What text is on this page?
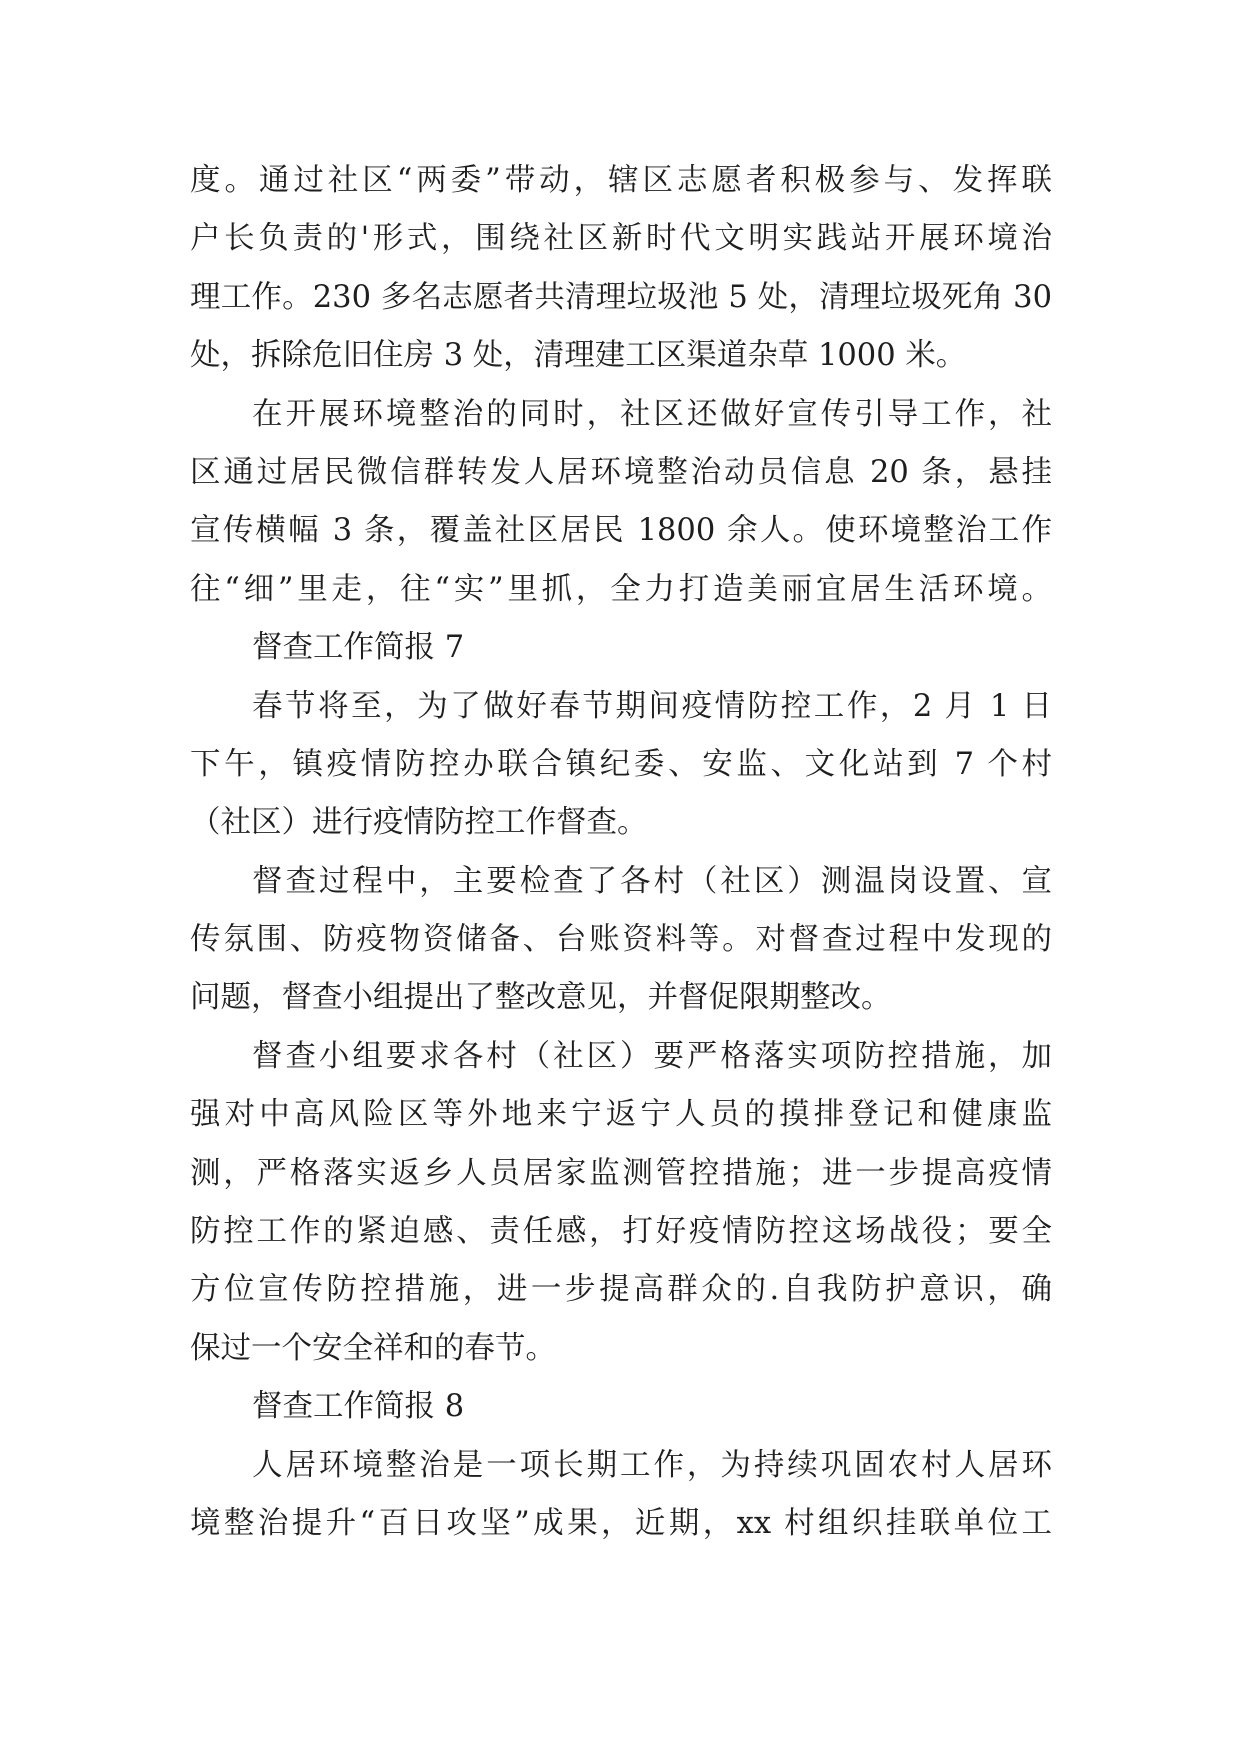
度。通过社区“两委”带动，辖区志愿者积极参与、发挥联
户长负责的'形式，围绕社区新时代文明实践站开展环境治
理工作。230 多名志愿者共清理垃圾池 5 处，清理垃圾死角 30
处，拆除危旧住房 3 处，清理建工区渠道杂草 1000 米。
在开展环境整治的同时，社区还做好宣传引导工作，社
区通过居民微信群转发人居环境整治动员信息 20 条，悬挂
宣传横幅 3 条，覆盖社区居民 1800 余人。使环境整治工作
往“细”里走，往“实”里抓，全力打造美丽宜居生活环境。
督查工作简报 7
春节将至，为了做好春节期间疫情防控工作，2 月 1 日
下午，镇疫情防控办联合镇纪委、安监、文化站到 7 个村
（社区）进行疫情防控工作督查。
督查过程中，主要检查了各村（社区）测温岗设置、宣
传氛围、防疫物资储备、台账资料等。对督查过程中发现的
问题，督查小组提出了整改意见，并督促限期整改。
督查小组要求各村（社区）要严格落实项防控措施，加
强对中高风险区等外地来宁返宁人员的摸排登记和健康监
测，严格落实返乡人员居家监测管控措施；进一步提高疫情
防控工作的紧迫感、责任感，打好疫情防控这场战役；要全
方位宣传防控措施，进一步提高群众的.自我防护意识，确
保过一个安全祥和的春节。
督查工作简报 8
人居环境整治是一项长期工作，为持续巩固农村人居环
境整治提升“百日攻坚”成果，近期，xx 村组织挂联单位工
